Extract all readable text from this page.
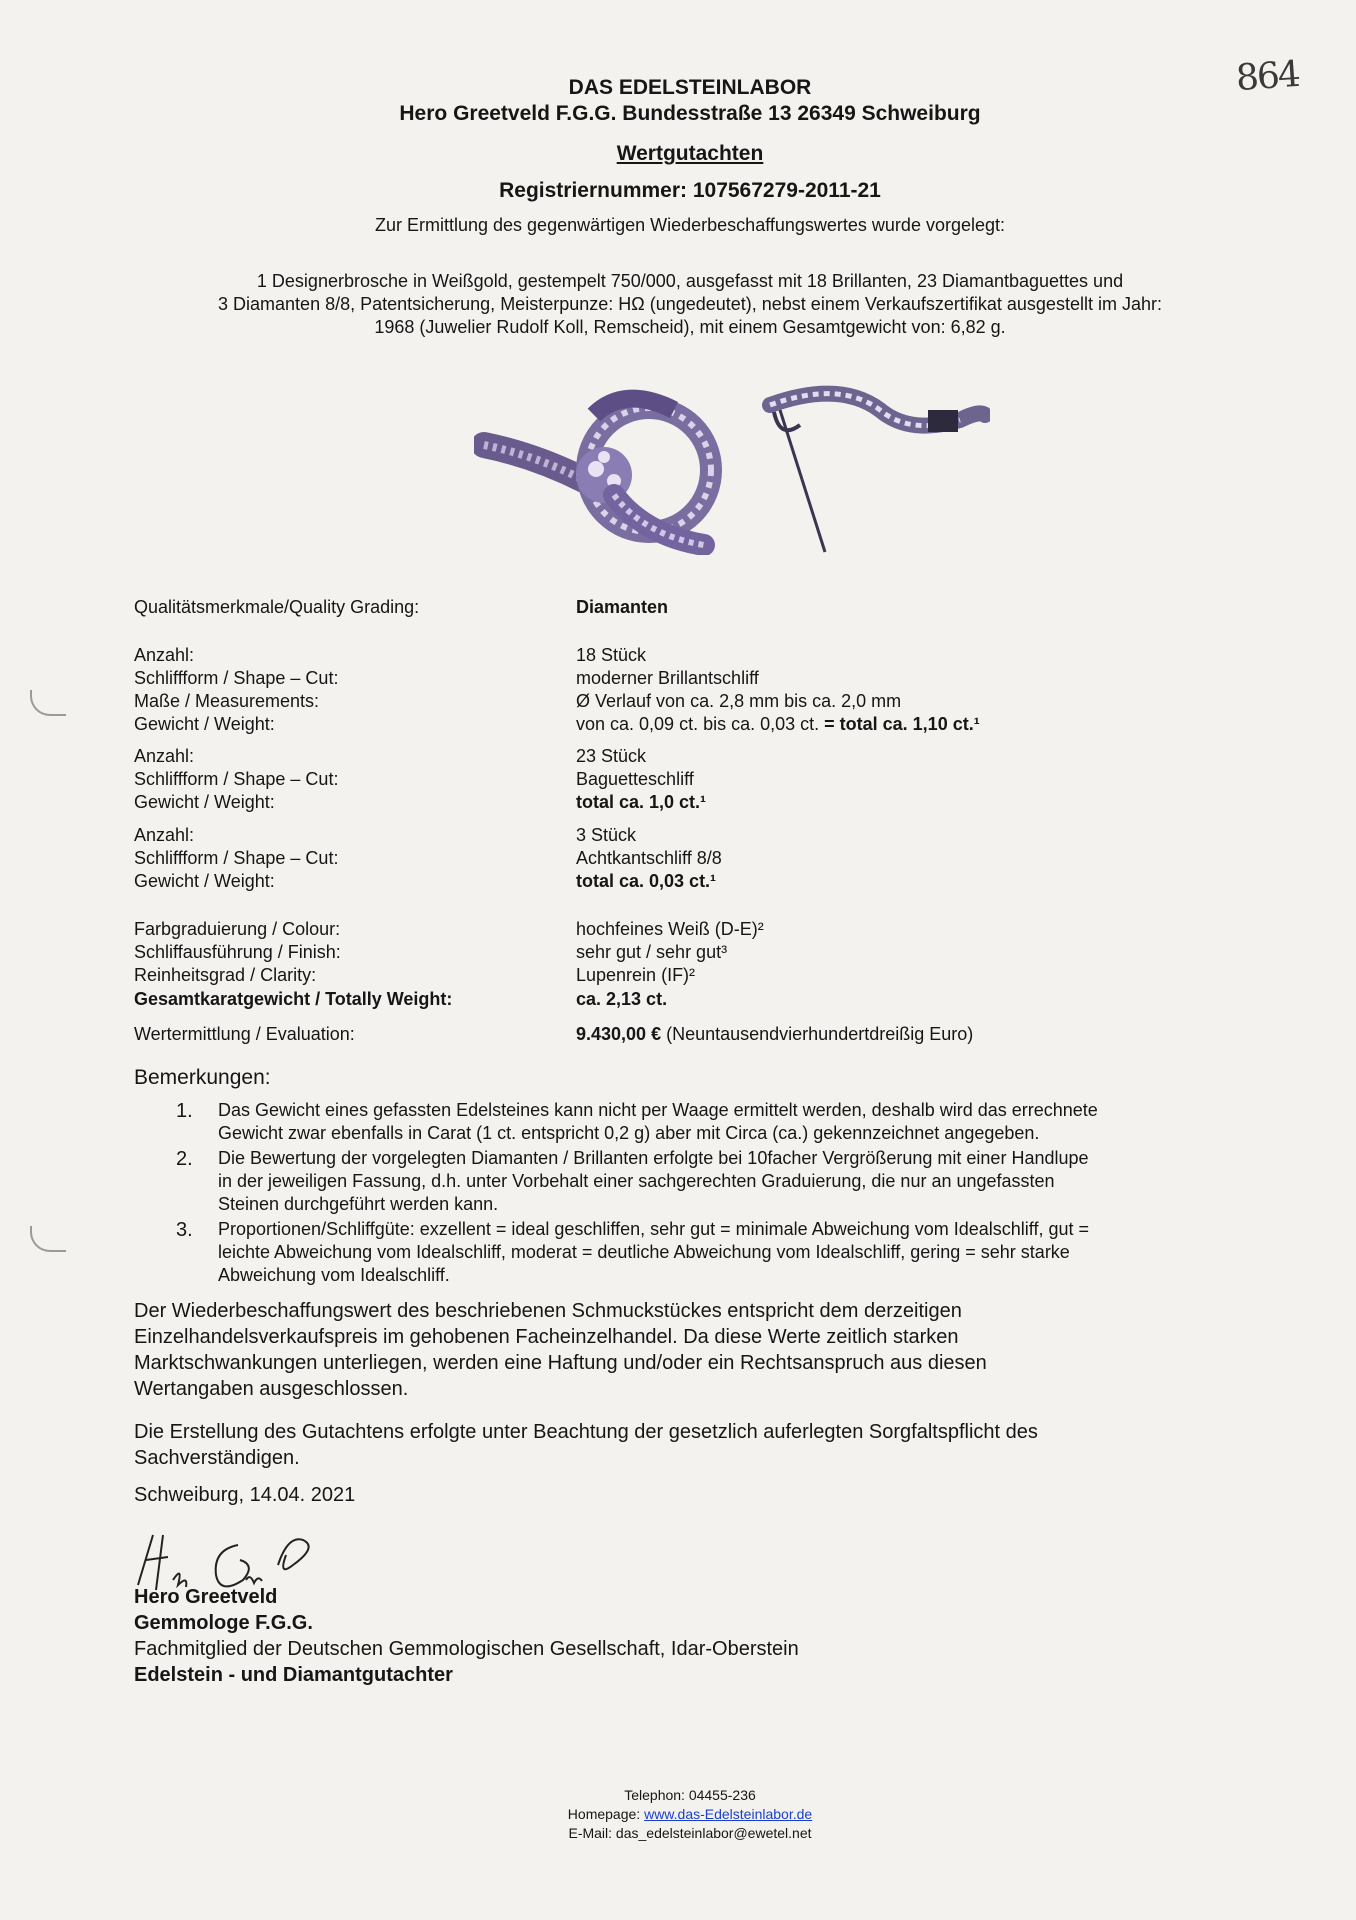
864
DAS EDELSTEINLABOR
Hero Greetveld F.G.G. Bundesstraße 13 26349 Schweiburg
Wertgutachten
Registriernummer: 107567279-2011-21
Zur Ermittlung des gegenwärtigen Wiederbeschaffungswertes wurde vorgelegt:
1 Designerbrosche in Weißgold, gestempelt 750/000, ausgefasst mit 18 Brillanten, 23 Diamantbaguettes und
3 Diamanten 8/8, Patentsicherung, Meisterpunze: HΩ (ungedeutet), nebst einem Verkaufszertifikat ausgestellt im Jahr:
1968 (Juwelier Rudolf Koll, Remscheid), mit einem Gesamtgewicht von: 6,82 g.
Qualitätsmerkmale/Quality Grading:	Diamanten
Anzahl:	18 Stück
Schliffform / Shape – Cut:	moderner Brillantschliff
Maße / Measurements:	Ø Verlauf von ca. 2,8 mm bis ca. 2,0 mm
Gewicht / Weight:	von ca. 0,09 ct. bis ca. 0,03 ct. = total ca. 1,10 ct.¹
Anzahl:	23 Stück
Schliffform / Shape – Cut:	Baguetteschliff
Gewicht / Weight:	total ca. 1,0 ct.¹
Anzahl:	3 Stück
Schliffform / Shape – Cut:	Achtkantschliff 8/8
Gewicht / Weight:	total ca. 0,03 ct.¹
Farbgraduierung / Colour:	hochfeines Weiß (D-E)²
Schliffausführung / Finish:	sehr gut / sehr gut³
Reinheitsgrad / Clarity:	Lupenrein (IF)²
Gesamtkaratgewicht / Totally Weight:	ca. 2,13 ct.
Wertermittlung / Evaluation:	9.430,00 € (Neuntausendvierhundertdreißig Euro)
Bemerkungen:
1.	Das Gewicht eines gefassten Edelsteines kann nicht per Waage ermittelt werden, deshalb wird das errechnete
Gewicht zwar ebenfalls in Carat (1 ct. entspricht 0,2 g) aber mit Circa (ca.) gekennzeichnet angegeben.
2.	Die Bewertung der vorgelegten Diamanten / Brillanten erfolgte bei 10facher Vergrößerung mit einer Handlupe
in der jeweiligen Fassung, d.h. unter Vorbehalt einer sachgerechten Graduierung, die nur an ungefassten
Steinen durchgeführt werden kann.
3.	Proportionen/Schliffgüte: exzellent = ideal geschliffen, sehr gut = minimale Abweichung vom Idealschliff, gut =
leichte Abweichung vom Idealschliff, moderat = deutliche Abweichung vom Idealschliff, gering = sehr starke
Abweichung vom Idealschliff.
Der Wiederbeschaffungswert des beschriebenen Schmuckstückes entspricht dem derzeitigen
Einzelhandelsverkaufspreis im gehobenen Facheinzelhandel. Da diese Werte zeitlich starken
Marktschwankungen unterliegen, werden eine Haftung und/oder ein Rechtsanspruch aus diesen
Wertangaben ausgeschlossen.
Die Erstellung des Gutachtens erfolgte unter Beachtung der gesetzlich auferlegten Sorgfaltspflicht des
Sachverständigen.
Schweiburg, 14.04. 2021
Hero Greetveld
Gemmologe F.G.G.
Fachmitglied der Deutschen Gemmologischen Gesellschaft, Idar-Oberstein
Edelstein - und Diamantgutachter
Telephon: 04455-236
Homepage: www.das-Edelsteinlabor.de
E-Mail: das_edelsteinlabor@ewetel.net
